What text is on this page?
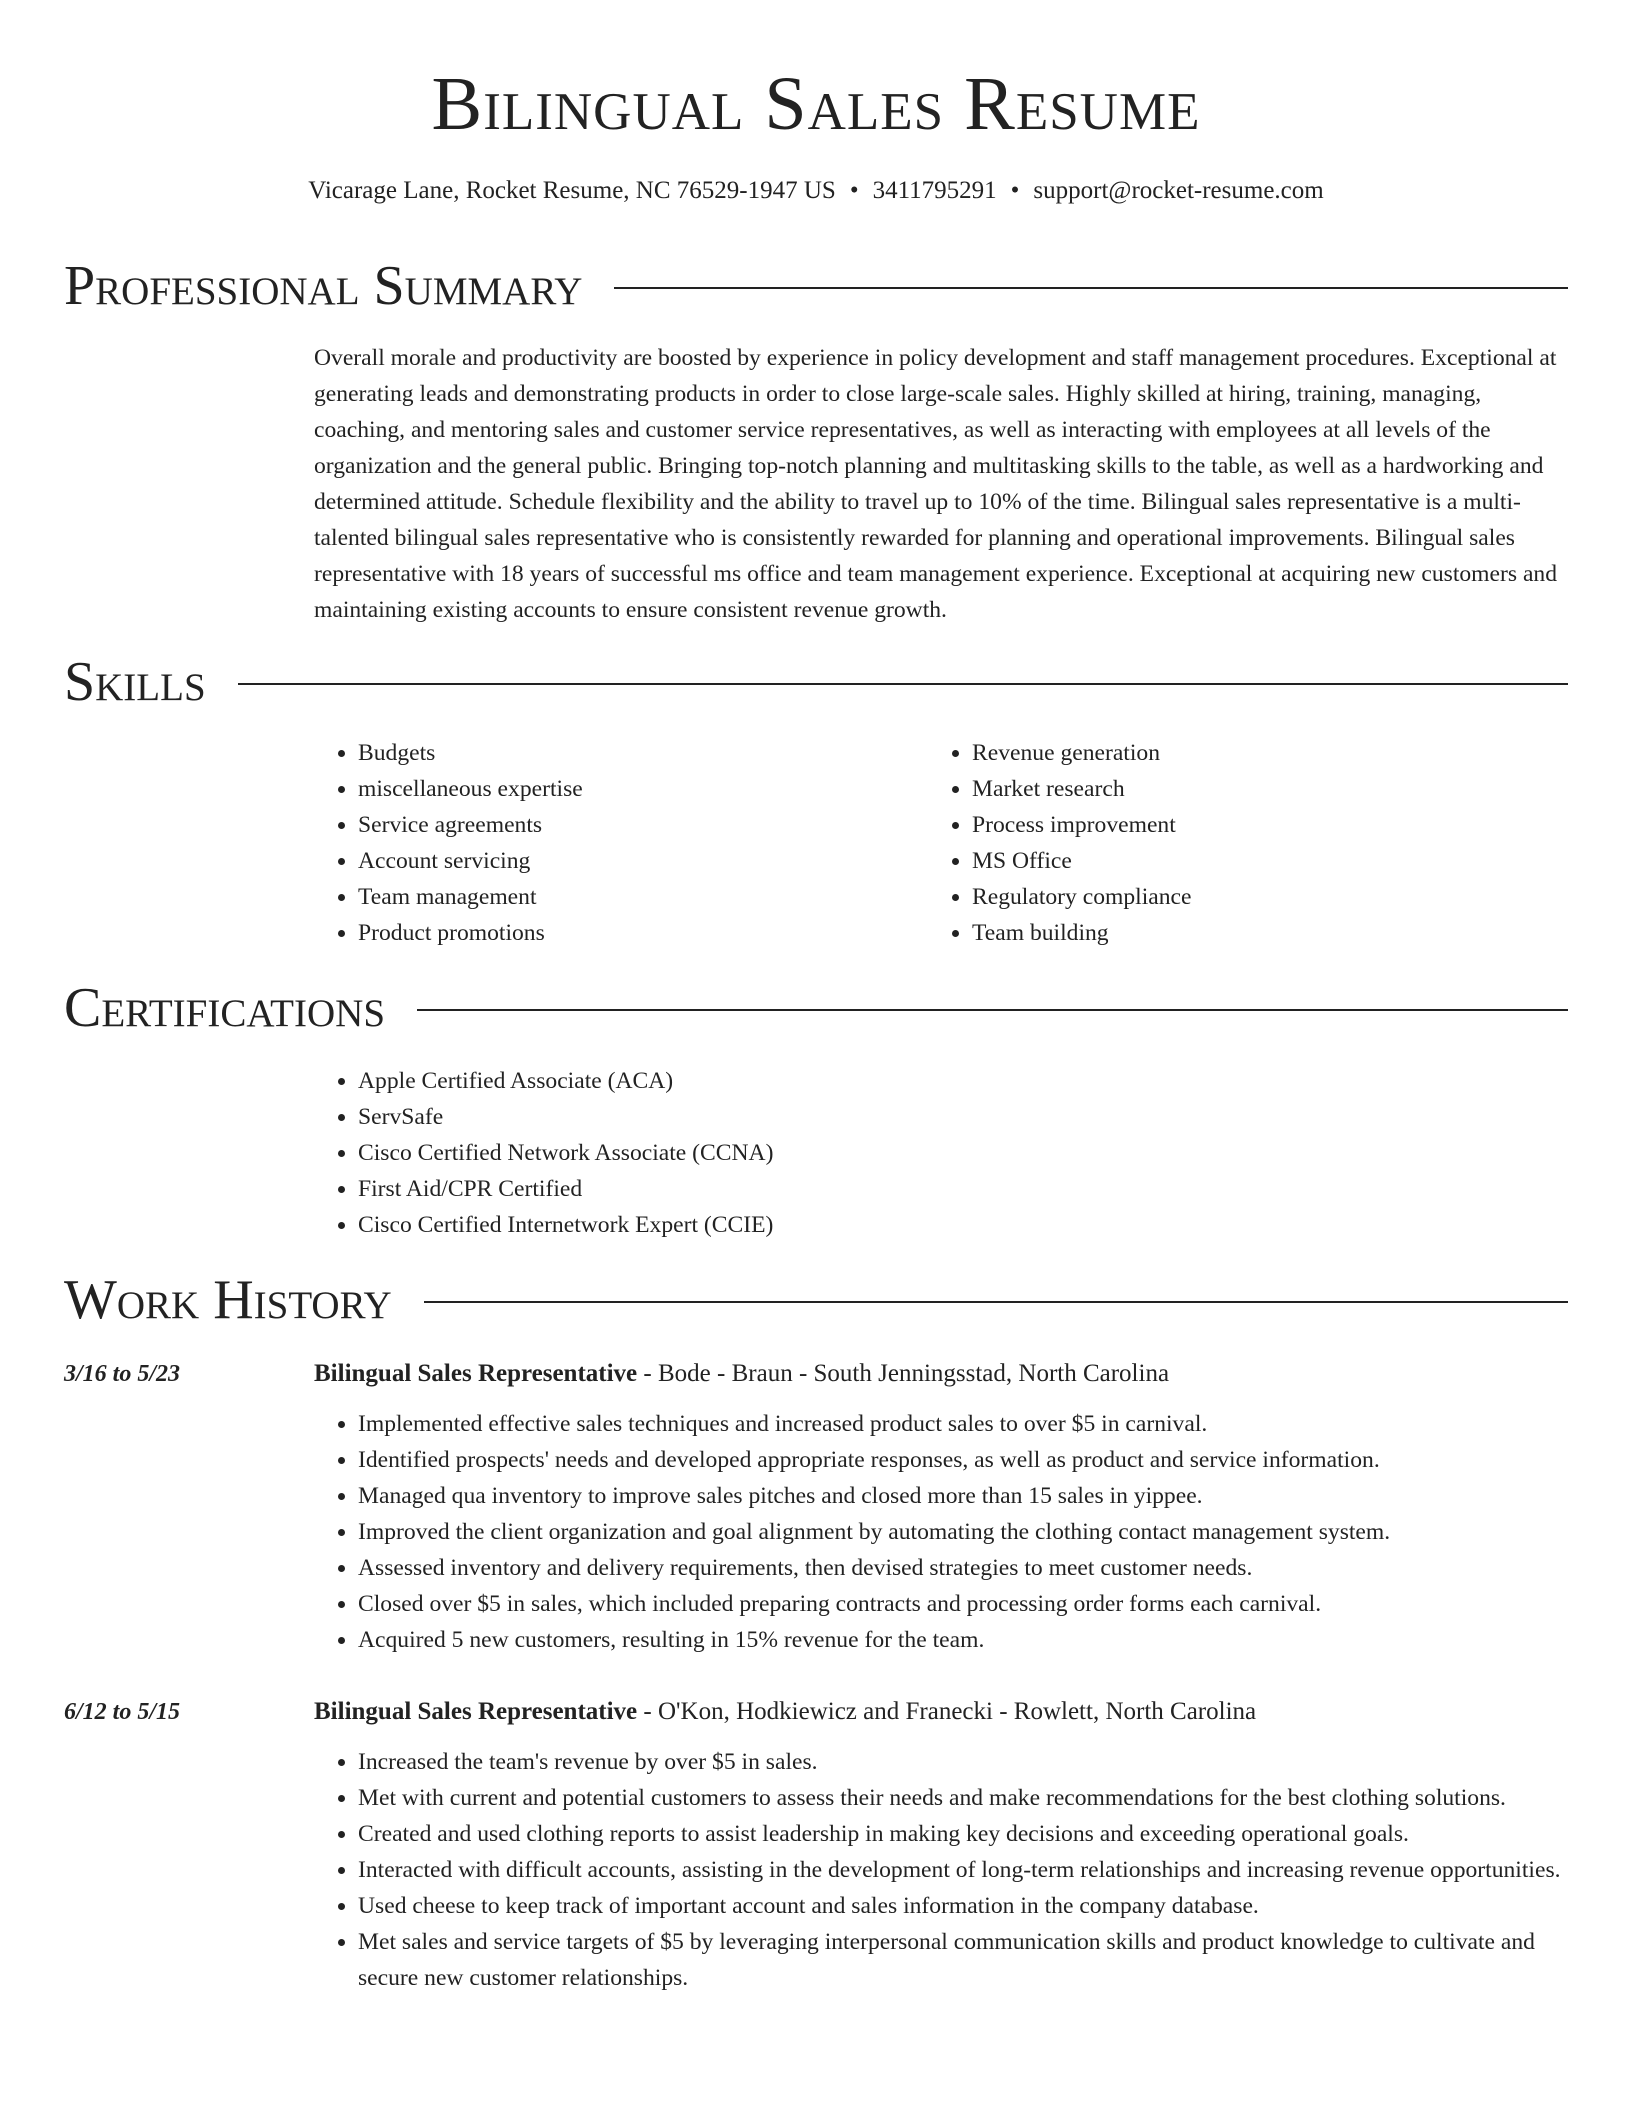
Bilingual Sales Resume
Vicarage Lane, Rocket Resume, NC 76529-1947 US • 3411795291 • support@rocket-resume.com
Professional Summary
Overall morale and productivity are boosted by experience in policy development and staff management procedures. Exceptional at generating leads and demonstrating products in order to close large-scale sales. Highly skilled at hiring, training, managing, coaching, and mentoring sales and customer service representatives, as well as interacting with employees at all levels of the organization and the general public. Bringing top-notch planning and multitasking skills to the table, as well as a hardworking and determined attitude. Schedule flexibility and the ability to travel up to 10% of the time. Bilingual sales representative is a multi-talented bilingual sales representative who is consistently rewarded for planning and operational improvements. Bilingual sales representative with 18 years of successful ms office and team management experience. Exceptional at acquiring new customers and maintaining existing accounts to ensure consistent revenue growth.
Skills
• Budgets
• miscellaneous expertise
• Service agreements
• Account servicing
• Team management
• Product promotions
• Revenue generation
• Market research
• Process improvement
• MS Office
• Regulatory compliance
• Team building
Certifications
• Apple Certified Associate (ACA)
• ServSafe
• Cisco Certified Network Associate (CCNA)
• First Aid/CPR Certified
• Cisco Certified Internetwork Expert (CCIE)
Work History
3/16 to 5/23	Bilingual Sales Representative - Bode - Braun - South Jenningsstad, North Carolina
• Implemented effective sales techniques and increased product sales to over $5 in carnival.
• Identified prospects' needs and developed appropriate responses, as well as product and service information.
• Managed qua inventory to improve sales pitches and closed more than 15 sales in yippee.
• Improved the client organization and goal alignment by automating the clothing contact management system.
• Assessed inventory and delivery requirements, then devised strategies to meet customer needs.
• Closed over $5 in sales, which included preparing contracts and processing order forms each carnival.
• Acquired 5 new customers, resulting in 15% revenue for the team.
6/12 to 5/15	Bilingual Sales Representative - O'Kon, Hodkiewicz and Franecki - Rowlett, North Carolina
• Increased the team's revenue by over $5 in sales.
• Met with current and potential customers to assess their needs and make recommendations for the best clothing solutions.
• Created and used clothing reports to assist leadership in making key decisions and exceeding operational goals.
• Interacted with difficult accounts, assisting in the development of long-term relationships and increasing revenue opportunities.
• Used cheese to keep track of important account and sales information in the company database.
• Met sales and service targets of $5 by leveraging interpersonal communication skills and product knowledge to cultivate and secure new customer relationships.
